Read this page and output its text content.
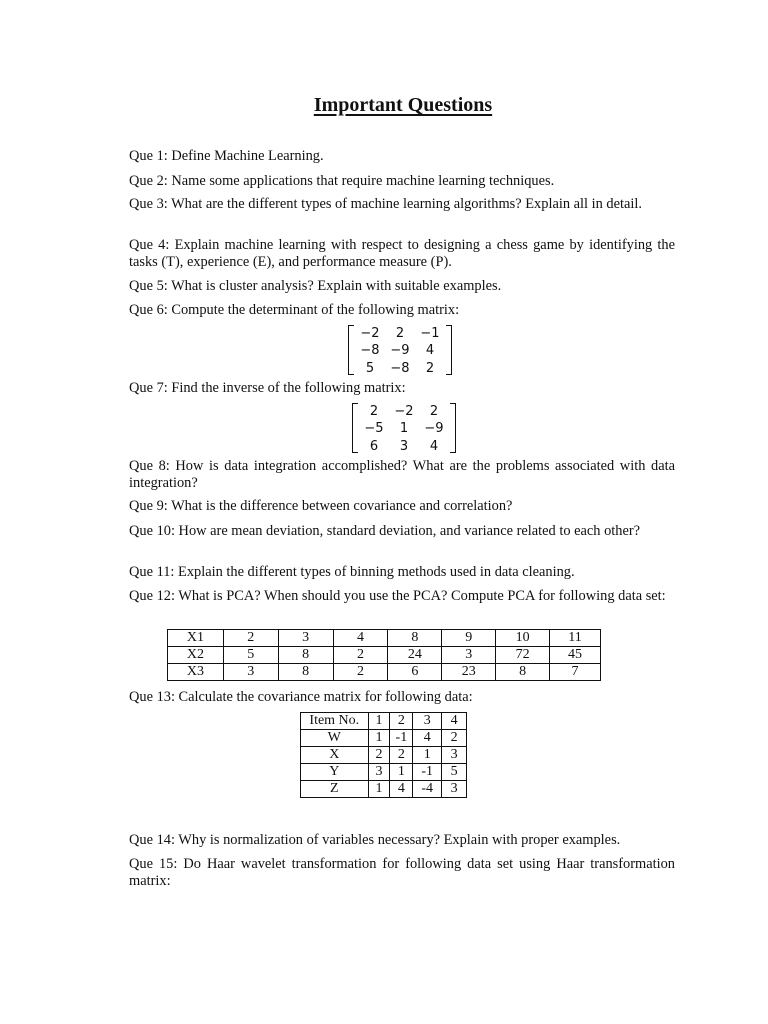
Important Questions

Que 1: Define Machine Learning.

Que 2: Name some applications that require machine learning techniques.

Que 3: What are the different types of machine learning algorithms? Explain all in detail.

Que 4: Explain machine learning with respect to designing a chess game by identifying the tasks (T), experience (E), and performance measure (P).

Que 5: What is cluster analysis? Explain with suitable examples.

Que 6: Compute the determinant of the following matrix:

−2	2	−1
−8 −9	4
5	−8	2

Que 7: Find the inverse of the following matrix:

2	−2	2
−5	1	−9
6	3	4

Que 8: How is data integration accomplished? What are the problems associated with data integration?

Que 9: What is the difference between covariance and correlation?

Que 10: How are mean deviation, standard deviation, and variance related to each other?

Que 11: Explain the different types of binning methods used in data cleaning.

Que 12: What is PCA? When should you use the PCA? Compute PCA for following data set:

X1	2	3	4	8	9	10	11
X2	5	8	2	24	3	72	45
X3	3	8	2	6	23	8	7

Que 13: Calculate the covariance matrix for following data:

Item No.	1	2	3	4
W	1	-1	4	2
X	2	2	1	3
Y	3	1	-1	5
Z	1	4	-4	3

Que 14: Why is normalization of variables necessary? Explain with proper examples.

Que 15: Do Haar wavelet transformation for following data set using Haar transformation matrix:
